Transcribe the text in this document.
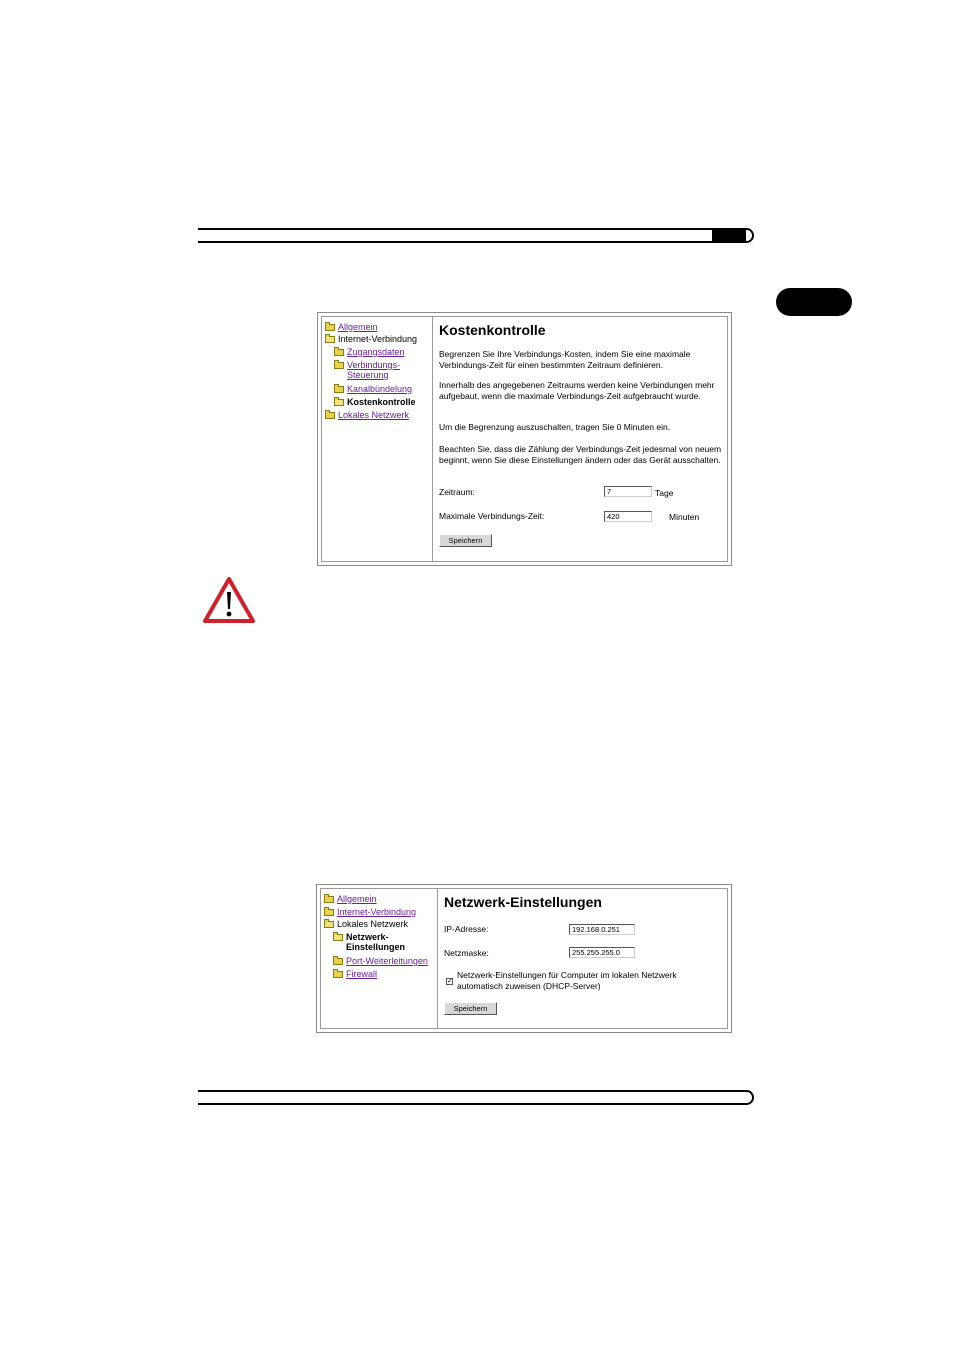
Allgemein
Internet-Verbindung
Zugangsdaten
Verbindungs-
Steuerung
Kanalbündelung
Kostenkontrolle
Lokales Netzwerk
Kostenkontrolle
Begrenzen Sie Ihre Verbindungs-Kosten, indem Sie eine maximale Verbindungs-Zeit für einen bestimmten Zeitraum definieren.
Innerhalb des angegebenen Zeitraums werden keine Verbindungen mehr aufgebaut, wenn die maximale Verbindungs-Zeit aufgebraucht wurde.
Um die Begrenzung auszuschalten, tragen Sie 0 Minuten ein.
Beachten Sie, dass die Zählung der Verbindungs-Zeit jedesmal von neuem beginnt, wenn Sie diese Einstellungen ändern oder das Gerät ausschalten.
Zeitraum:	7	Tage
Maximale Verbindungs-Zeit:	420	Minuten
Speichern
Allgemein
Internet-Verbindung
Lokales Netzwerk
Netzwerk-
Einstellungen
Port-Weiterleitungen
Firewall
Netzwerk-Einstellungen
IP-Adresse:	192.168.0.251
Netzmaske:	255.255.255.0
✓
Netzwerk-Einstellungen für Computer im lokalen Netzwerk automatisch zuweisen (DHCP-Server)
Speichern
